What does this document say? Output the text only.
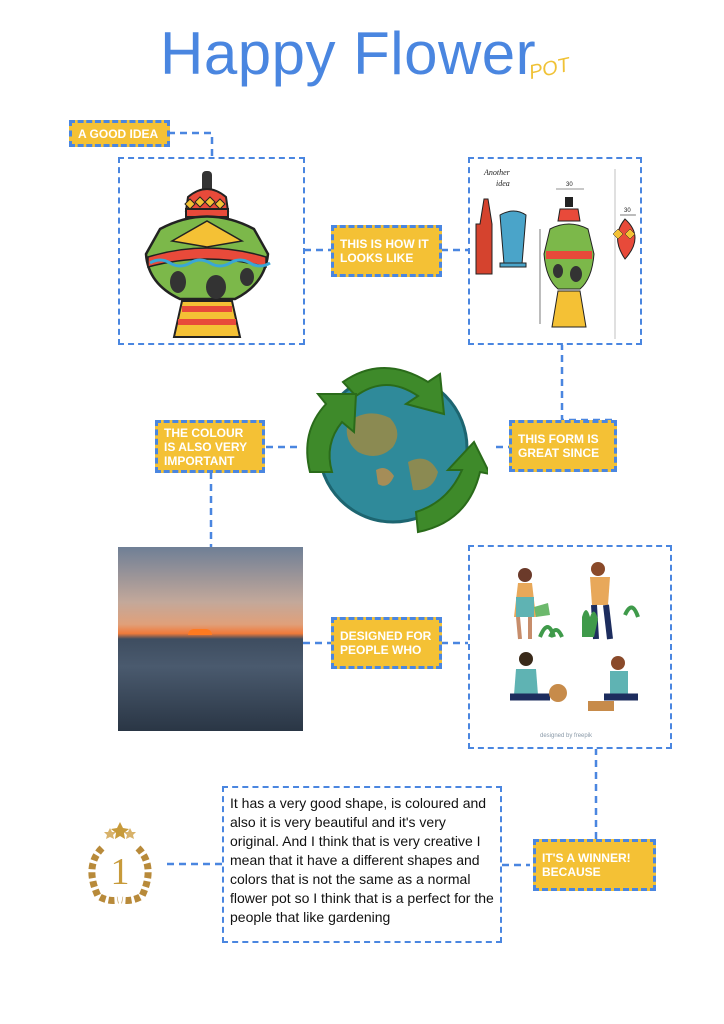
Happy Flower
POT
A GOOD IDEA
THIS IS HOW IT LOOKS LIKE
THE COLOUR IS ALSO VERY IMPORTANT
THIS FORM IS GREAT SINCE
DESIGNED FOR PEOPLE WHO
IT'S A WINNER! BECAUSE
Another
idea	30
30
designed by freepik
1
It has a very good shape, is coloured and also it is very beautiful and it's very original. And I think that is very creative I mean that it have a different shapes and colors that is not the same as a normal flower pot so I think that is a perfect for the people that like gardening
